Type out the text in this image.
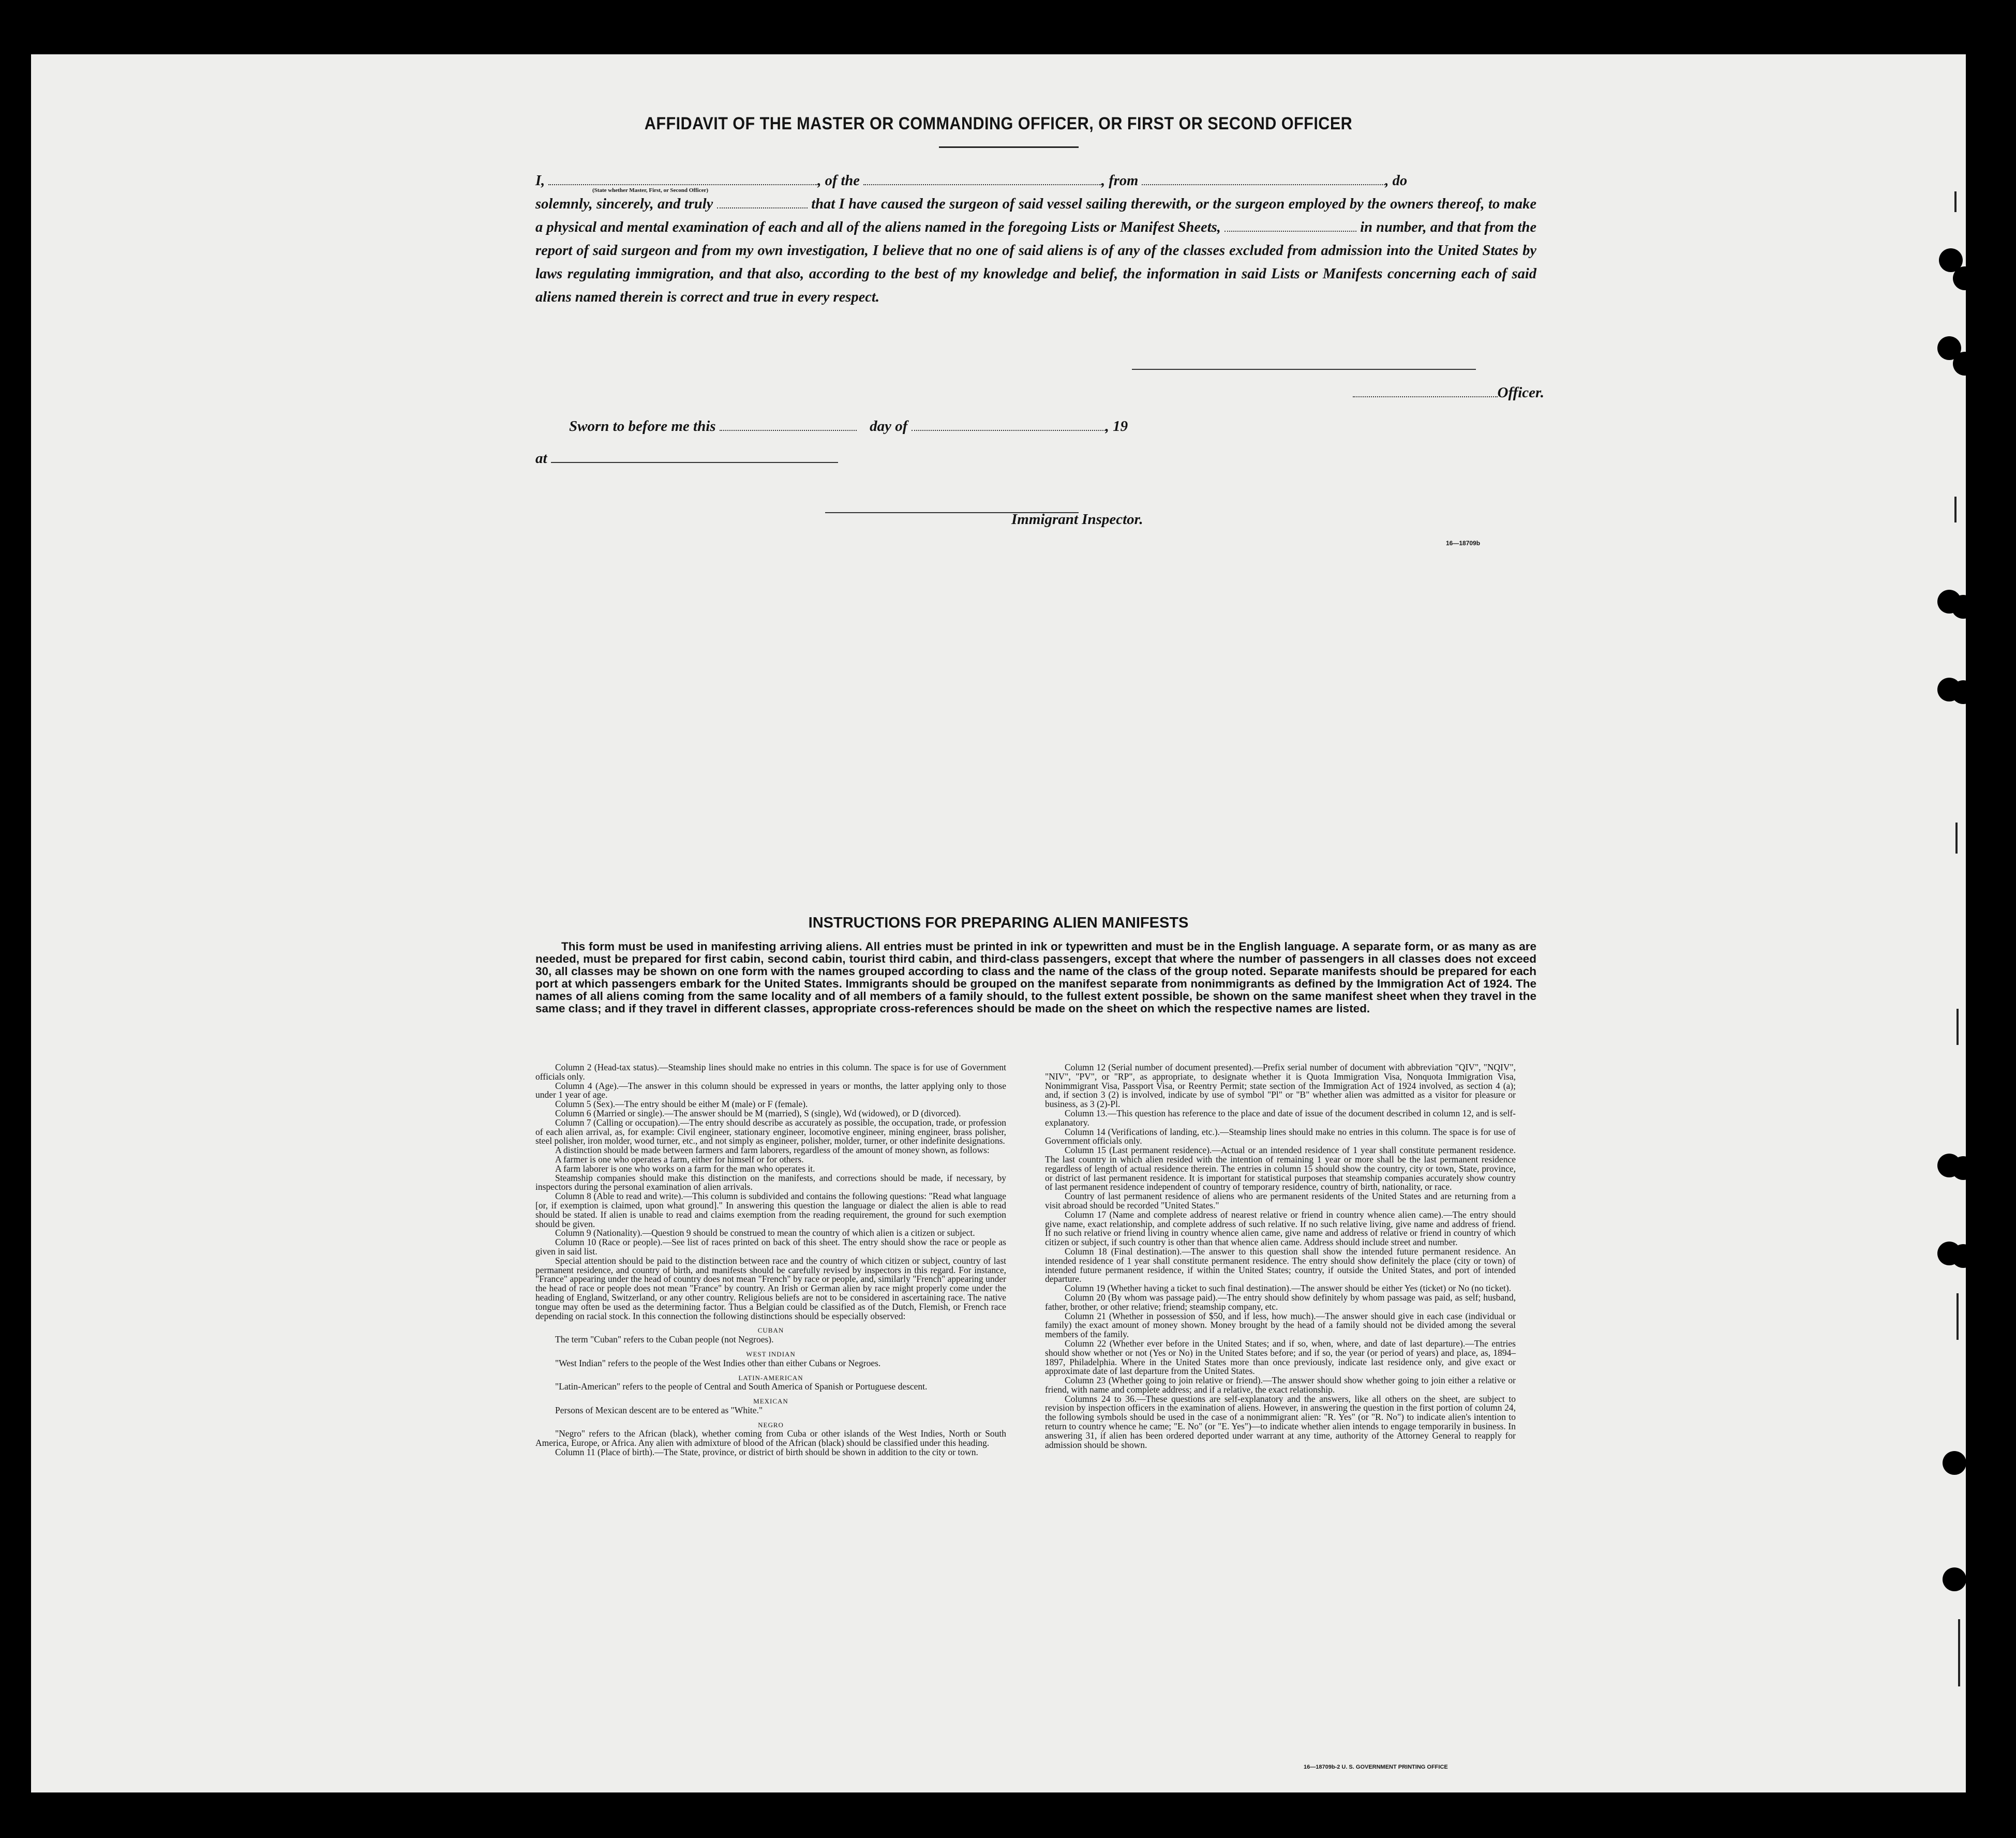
AFFIDAVIT OF THE MASTER OR COMMANDING OFFICER, OR FIRST OR SECOND OFFICER

I,	, of the	, from	, do

solemnly, sincerely, and truly	that I have caused the surgeon of said vessel sailing therewith, or the surgeon employed by the owners thereof, to make a physical and mental examination of each and all of the aliens named in the foregoing Lists or Manifest Sheets,	in number, and that from the report of said surgeon and from my own investigation, I believe that no one of said aliens is of any of the classes excluded from admission into the United States by laws regulating immigration, and that also, according to the best of my knowledge and belief, the information in said Lists or Manifests concerning each of said aliens named therein is correct and true in every respect.

(State whether Master, First, or Second Officer)
Officer.
Sworn to before me this	day of	, 19
at
Immigrant Inspector.
16—18709b
INSTRUCTIONS FOR PREPARING ALIEN MANIFESTS
This form must be used in manifesting arriving aliens. All entries must be printed in ink or typewritten and must be in the English language. A separate form, or as many as are needed, must be prepared for first cabin, second cabin, tourist third cabin, and third-class passengers, except that where the number of passengers in all classes does not exceed 30, all classes may be shown on one form with the names grouped according to class and the name of the class of the group noted. Separate manifests should be prepared for each port at which passengers embark for the United States. Immigrants should be grouped on the manifest separate from nonimmigrants as defined by the Immigration Act of 1924. The names of all aliens coming from the same locality and of all members of a family should, to the fullest extent possible, be shown on the same manifest sheet when they travel in the same class; and if they travel in different classes, appropriate cross-references should be made on the sheet on which the respective names are listed.

Column 2 (Head-tax status).—Steamship lines should make no entries in this column. The space is for use of Government officials only.

Column 4 (Age).—The answer in this column should be expressed in years or months, the latter applying only to those under 1 year of age.

Column 5 (Sex).—The entry should be either M (male) or F (female).

Column 6 (Married or single).—The answer should be M (married), S (single), Wd (widowed), or D (divorced).

Column 7 (Calling or occupation).—The entry should describe as accurately as possible, the occupation, trade, or profession of each alien arrival, as, for example: Civil engineer, stationary engineer, locomotive engineer, mining engineer, brass polisher, steel polisher, iron molder, wood turner, etc., and not simply as engineer, polisher, molder, turner, or other indefinite designations.

A distinction should be made between farmers and farm laborers, regardless of the amount of money shown, as follows:

A farmer is one who operates a farm, either for himself or for others.

A farm laborer is one who works on a farm for the man who operates it.

Steamship companies should make this distinction on the manifests, and corrections should be made, if necessary, by inspectors during the personal examination of alien arrivals.

Column 8 (Able to read and write).—This column is subdivided and contains the following questions: "Read what language [or, if exemption is claimed, upon what ground]." In answering this question the language or dialect the alien is able to read should be stated. If alien is unable to read and claims exemption from the reading requirement, the ground for such exemption should be given.

Column 9 (Nationality).—Question 9 should be construed to mean the country of which alien is a citizen or subject.

Column 10 (Race or people).—See list of races printed on back of this sheet. The entry should show the race or people as given in said list.

Special attention should be paid to the distinction between race and the country of which citizen or subject, country of last permanent residence, and country of birth, and manifests should be carefully revised by inspectors in this regard. For instance, "France" appearing under the head of country does not mean "French" by race or people, and, similarly "French" appearing under the head of race or people does not mean "France" by country. An Irish or German alien by race might properly come under the heading of England, Switzerland, or any other country. Religious beliefs are not to be considered in ascertaining race. The native tongue may often be used as the determining factor. Thus a Belgian could be classified as of the Dutch, Flemish, or French race depending on racial stock. In this connection the following distinctions should be especially observed:

CUBAN

The term "Cuban" refers to the Cuban people (not Negroes).

WEST INDIAN

"West Indian" refers to the people of the West Indies other than either Cubans or Negroes.

LATIN-AMERICAN

"Latin-American" refers to the people of Central and South America of Spanish or Portuguese descent.

MEXICAN

Persons of Mexican descent are to be entered as "White."

NEGRO

"Negro" refers to the African (black), whether coming from Cuba or other islands of the West Indies, North or South America, Europe, or Africa. Any alien with admixture of blood of the African (black) should be classified under this heading.

Column 11 (Place of birth).—The State, province, or district of birth should be shown in addition to the city or town.

Column 12 (Serial number of document presented).—Prefix serial number of document with abbreviation "QIV", "NQIV", "NIV", "PV", or "RP", as appropriate, to designate whether it is Quota Immigration Visa, Nonquota Immigration Visa, Nonimmigrant Visa, Passport Visa, or Reentry Permit; state section of the Immigration Act of 1924 involved, as section 4 (a); and, if section 3 (2) is involved, indicate by use of symbol "Pl" or "B" whether alien was admitted as a visitor for pleasure or business, as 3 (2)-Pl.

Column 13.—This question has reference to the place and date of issue of the document described in column 12, and is self-explanatory.

Column 14 (Verifications of landing, etc.).—Steamship lines should make no entries in this column. The space is for use of Government officials only.

Column 15 (Last permanent residence).—Actual or an intended residence of 1 year shall constitute permanent residence. The last country in which alien resided with the intention of remaining 1 year or more shall be the last permanent residence regardless of length of actual residence therein. The entries in column 15 should show the country, city or town, State, province, or district of last permanent residence. It is important for statistical purposes that steamship companies accurately show country of last permanent residence independent of country of temporary residence, country of birth, nationality, or race.

Country of last permanent residence of aliens who are permanent residents of the United States and are returning from a visit abroad should be recorded "United States."

Column 17 (Name and complete address of nearest relative or friend in country whence alien came).—The entry should give name, exact relationship, and complete address of such relative. If no such relative living, give name and address of friend. If no such relative or friend living in country whence alien came, give name and address of relative or friend in country of which citizen or subject, if such country is other than that whence alien came. Address should include street and number.

Column 18 (Final destination).—The answer to this question shall show the intended future permanent residence. An intended residence of 1 year shall constitute permanent residence. The entry should show definitely the place (city or town) of intended future permanent residence, if within the United States; country, if outside the United States, and port of intended departure.

Column 19 (Whether having a ticket to such final destination).—The answer should be either Yes (ticket) or No (no ticket).

Column 20 (By whom was passage paid).—The entry should show definitely by whom passage was paid, as self; husband, father, brother, or other relative; friend; steamship company, etc.

Column 21 (Whether in possession of $50, and if less, how much).—The answer should give in each case (individual or family) the exact amount of money shown. Money brought by the head of a family should not be divided among the several members of the family.

Column 22 (Whether ever before in the United States; and if so, when, where, and date of last departure).—The entries should show whether or not (Yes or No) in the United States before; and if so, the year (or period of years) and place, as, 1894–1897, Philadelphia. Where in the United States more than once previously, indicate last residence only, and give exact or approximate date of last departure from the United States.

Column 23 (Whether going to join relative or friend).—The answer should show whether going to join either a relative or friend, with name and complete address; and if a relative, the exact relationship.

Columns 24 to 36.—These questions are self-explanatory and the answers, like all others on the sheet, are subject to revision by inspection officers in the examination of aliens. However, in answering the question in the first portion of column 24, the following symbols should be used in the case of a nonimmigrant alien: "R. Yes" (or "R. No") to indicate alien's intention to return to country whence he came; "E. No" (or "E. Yes")—to indicate whether alien intends to engage temporarily in business. In answering 31, if alien has been ordered deported under warrant at any time, authority of the Attorney General to reapply for admission should be shown.

16—18709b-2 U. S. GOVERNMENT PRINTING OFFICE
